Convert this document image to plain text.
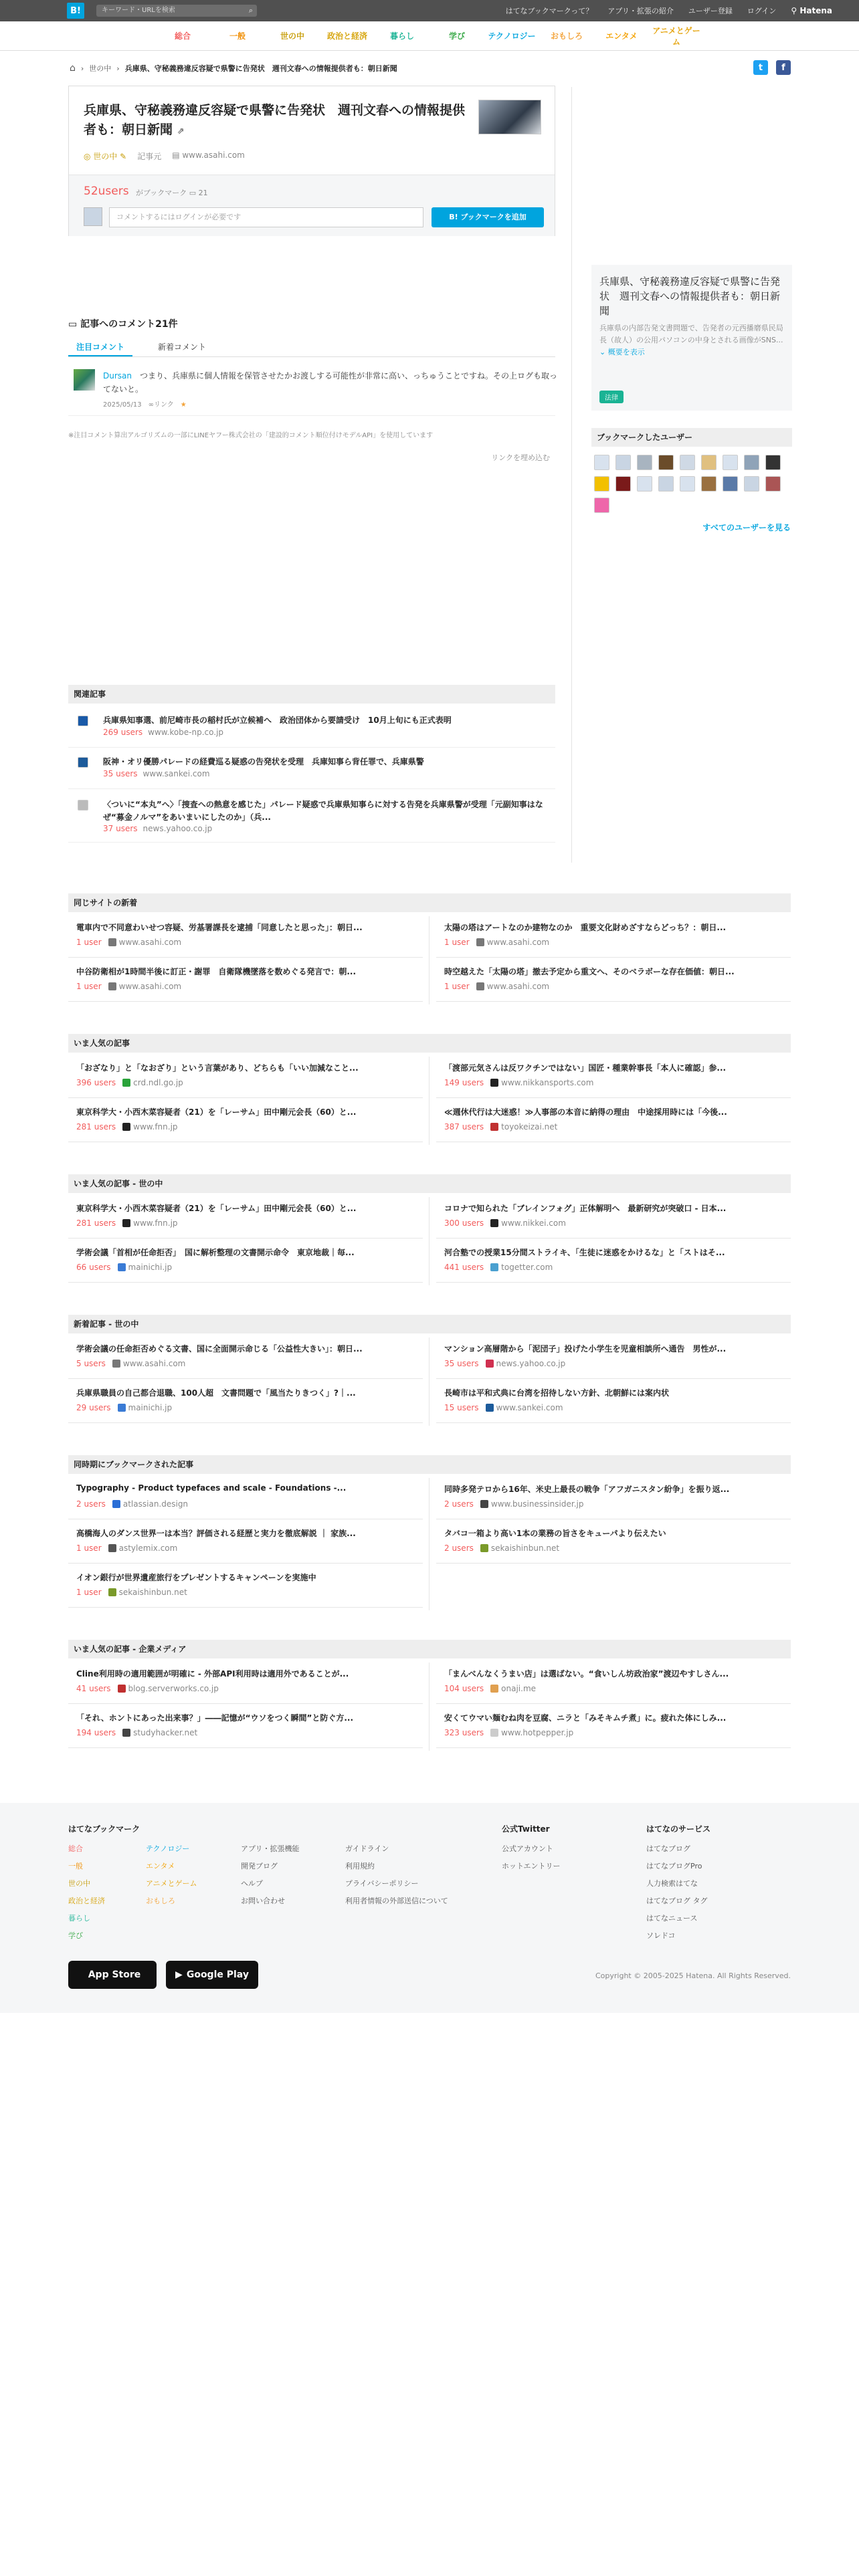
B!	キーワード・URLを検索	⌕	はてなブックマークって？ アプリ・拡張の紹介 ユーザー登録 ログイン ⚲ Hatena
総合	一般	世の中	政治と経済	暮らし	学び	テクノロジー	おもしろ	エンタメ
アニメとゲーム
⌂ › 世の中 › 兵庫県、守秘義務違反容疑で県警に告発状　週刊文春への情報提供者も：朝日新聞	t	f
兵庫県、守秘義務違反容疑で県警に告発状　週刊文春への情報提供者も：朝日新聞 ⇗
◎ 世の中 ✎ 記事元 ▤ www.asahi.com
52users がブックマーク ▭ 21
コメントするにはログインが必要です	B! ブックマークを追加
兵庫県、守秘義務違反容疑で県警に告発状　週刊文春への情報提供者も：朝日新聞
兵庫県の内部告発文書問題で、告発者の元西播磨県民局長（故人）の公用パソコンの中身とされる画像がSNS... ⌄ 概要を表示
法律
ブックマークしたユーザー
すべてのユーザーを見る
▭ 記事へのコメント21件
注目コメント	新着コメント
Dursan　 つまり、兵庫県に個人情報を保管させたかお渡しする可能性が非常に高い、っちゅうことですね。その上ログも取ってないと。
2025/05/13　∞リンク　 ★
※注目コメント算出アルゴリズムの一部にLINEヤフー株式会社の「建設的コメント順位付けモデルAPI」を使用しています
リンクを埋め込む
関連記事
兵庫県知事選、前尼崎市長の稲村氏が立候補へ　政治団体から要請受け　10月上旬にも正式表明
269 users www.kobe-np.co.jp
阪神・オリ優勝パレードの経費巡る疑惑の告発状を受理　兵庫知事ら背任罪で、兵庫県警
35 users www.sankei.com
〈ついに“本丸”へ〉「捜査への熱意を感じた」パレード疑惑で兵庫県知事らに対する告発を兵庫県警が受理「元副知事はなぜ“募金ノルマ”をあいまいにしたのか」（兵...
37 users news.yahoo.co.jp
同じサイトの新着
電車内で不同意わいせつ容疑、労基署課長を逮捕「同意したと思った」：朝日...
1 user www.asahi.com
太陽の塔はアートなのか建物なのか　重要文化財めざすならどっち？：朝日...
1 user www.asahi.com
中谷防衛相が1時間半後に訂正・謝罪　自衛隊機墜落を数めぐる発言で：朝...
1 user www.asahi.com
時空越えた「太陽の塔」撤去予定から重文へ、そのベラボーな存在価値：朝日...
1 user www.asahi.com
いま人気の記事
「おざなり」と「なおざり」という言葉があり、どちらも「いい加減なこと...
396 users crd.ndl.go.jp
「渡部元気さんは反ワクチンではない」国匠・種業幹事長「本人に確認」参...
149 users www.nikkansports.com
東京科学大・小西木菜容疑者（21）を「レーサム」田中剛元会長（60）と...
281 users www.fnn.jp
≪週休代行は大迷惑！≫人事部の本音に納得の理由　中途採用時には「今後...
387 users toyokeizai.net
いま人気の記事 - 世の中
東京科学大・小西木菜容疑者（21）を「レーサム」田中剛元会長（60）と...
281 users www.fnn.jp
コロナで知られた「ブレインフォグ」正体解明へ　最新研究が突破口 - 日本...
300 users www.nikkei.com
学術会議「首相が任命拒否」　国に解析整理の文書開示命令　東京地裁｜毎...
66 users mainichi.jp
河合塾での授業15分間ストライキ、「生徒に迷惑をかけるな」と「ストはそ...
441 users togetter.com
新着記事 - 世の中
学術会議の任命拒否めぐる文書、国に全面開示命じる「公益性大きい」：朝日...
5 users www.asahi.com
マンション高層階から「泥団子」投げた小学生を児童相談所へ通告　男性が...
35 users news.yahoo.co.jp
兵庫県職員の自己都合退職、100人超　文書問題で「風当たりきつく」?｜...
29 users mainichi.jp
長崎市は平和式典に台湾を招待しない方針、北朝鮮には案内状
15 users www.sankei.com
同時期にブックマークされた記事
Typography - Product typefaces and scale - Foundations -...
2 users atlassian.design
同時多発テロから16年、米史上最長の戦争「アフガニスタン紛争」を振り返...
2 users www.businessinsider.jp
高橋海人のダンス世界一は本当？評価される経歴と実力を徹底解説 ｜ 家族...
1 user astylemix.com
タバコ一箱より高い1本の業務の旨さをキューパより伝えたい
2 users sekaishinbun.net
イオン銀行が世界遺産旅行をプレゼントするキャンペーンを実施中
1 user sekaishinbun.net
いま人気の記事 - 企業メディア
Cline利用時の適用範囲が明確に - 外部API利用時は適用外であることが...
41 users blog.serverworks.co.jp
「まんべんなくうまい店」は選ばない。“食いしん坊政治家”渡辺やすしさん...
104 users onaji.me
「それ、ホントにあった出来事？」――記憶が“ウソをつく瞬間”と防ぐ方...
194 users studyhacker.net
安くてウマい麺むね肉を豆腐、ニラと「みそキムチ煮」に。疲れた体にしみ...
323 users www.hotpepper.jp
はてなブックマーク
総合
一般
世の中
政治と経済
暮らし
学び
テクノロジー
エンタメ
アニメとゲーム
おもしろ
アプリ・拡張機能
開発ブログ
ヘルプ
お問い合わせ
ガイドライン
利用規約
プライバシーポリシー
利用者情報の外部送信について
公式Twitter
公式アカウント
ホットエントリー
はてなのサービス
はてなブログ
はてなブログPro
人力検索はてな
はてなブログ タグ
はてなニュース
ソレドコ
App Store	▶ Google Play	Copyright © 2005-2025 Hatena. All Rights Reserved.
